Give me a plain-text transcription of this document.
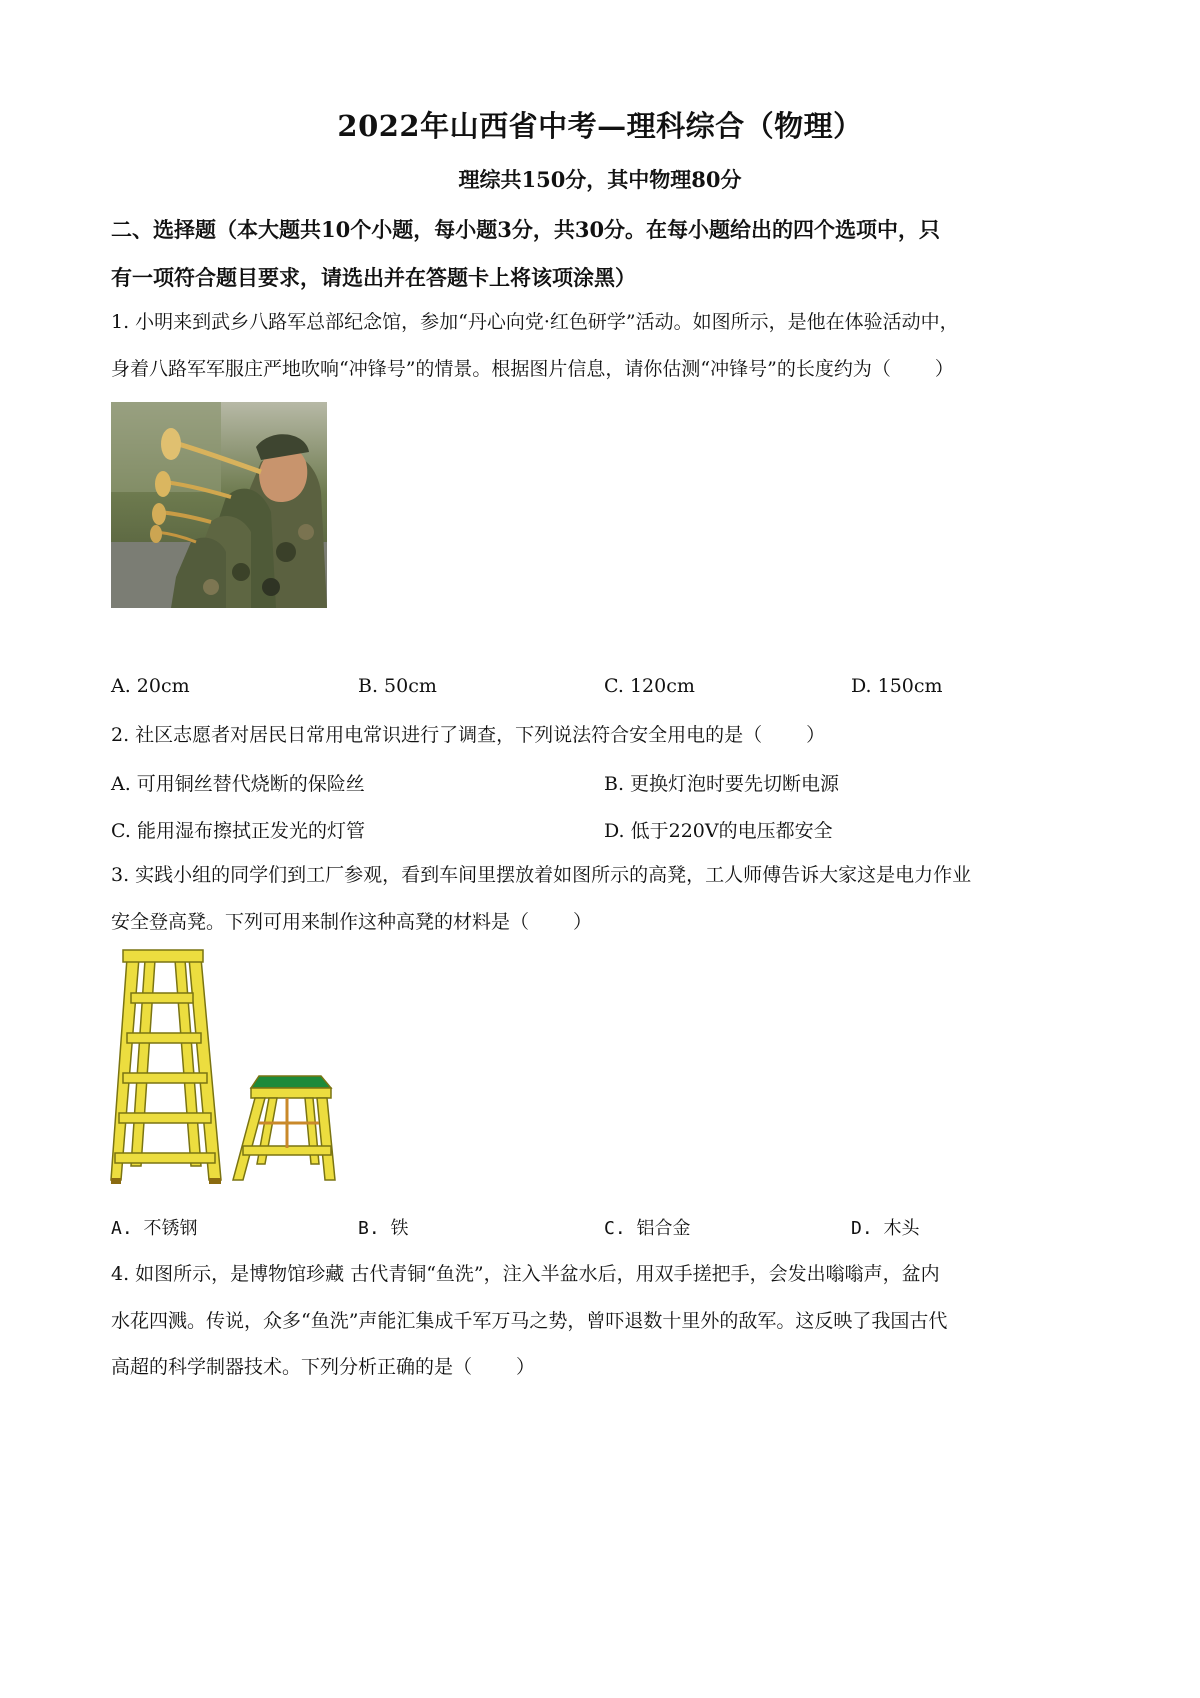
2022年山西省中考—理科综合（物理）
理综共150分，其中物理80分
二、选择题（本大题共10个小题，每小题3分，共30分。在每小题给出的四个选项中，只
有一项符合题目要求，请选出并在答题卡上将该项涂黑）
1. 小明来到武乡八路军总部纪念馆，参加“丹心向党·红色研学”活动。如图所示，是他在体验活动中，
身着八路军军服庄严地吹响“冲锋号”的情景。根据图片信息，请你估测“冲锋号”的长度约为（ ）
A. 20cm	B. 50cm	C. 120cm	D. 150cm
2. 社区志愿者对居民日常用电常识进行了调查，下列说法符合安全用电的是（ ）
A. 可用铜丝替代烧断的保险丝	B. 更换灯泡时要先切断电源
C. 能用湿布擦拭正发光的灯管	D. 低于220V的电压都安全
3. 实践小组的同学们到工厂参观，看到车间里摆放着如图所示的高凳，工人师傅告诉大家这是电力作业
安全登高凳。下列可用来制作这种高凳的材料是（ ）
A. 不锈钢	B. 铁	C. 铝合金	D. 木头
4. 如图所示，是博物馆珍藏 古代青铜“鱼洗”，注入半盆水后，用双手搓把手，会发出嗡嗡声，盆内
水花四溅。传说，众多“鱼洗”声能汇集成千军万马之势，曾吓退数十里外的敌军。这反映了我国古代
高超的科学制器技术。下列分析正确的是（ ）
